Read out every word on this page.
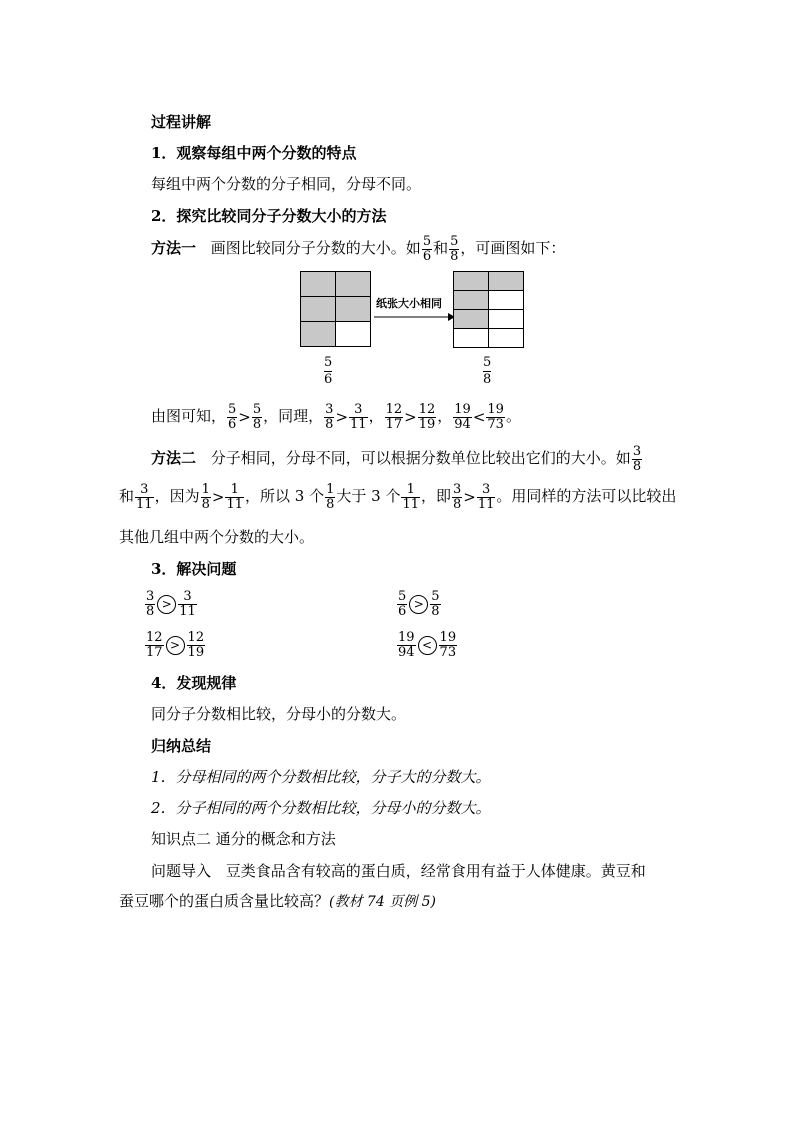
过程讲解
1．观察每组中两个分数的特点
每组中两个分数的分子相同，分母不同。
2．探究比较同分子分数大小的方法
方法一 画图比较同分子分数的大小。如 $\frac{5}{6}$ 和 $\frac{5}{8}$ ，可画图如下：

纸张大小相同

$\frac{5}{6}$	$\frac{5}{8}$
由图可知， $\frac{5}{6} > \frac{5}{8}$ ，同理， $\frac{3}{8} > \frac{3}{11}$ ， $\frac{12}{17} > \frac{12}{19}$ ， $\frac{19}{94} < \frac{19}{73}$ 。
方法二 分子相同，分母不同，可以根据分数单位比较出它们的大小。如 $\frac{3}{8}$
和 $\frac{3}{11}$ ，因为 $\frac{1}{8} > \frac{1}{11}$ ，所以 3 个 $\frac{1}{8}$ 大于 3 个 $\frac{1}{11}$ ，即 $\frac{3}{8} > \frac{3}{11}$ 。用同样的方法可以比较出
其他几组中两个分数的大小。
3．解决问题
$\frac{3}{8} > \frac{3}{11}$	$\frac{5}{6} > \frac{5}{8}$
$\frac{12}{17} > \frac{12}{19}$	$\frac{19}{94} < \frac{19}{73}$
4．发现规律
同分子分数相比较，分母小的分数大。
归纳总结
1．分母相同的两个分数相比较，分子大的分数大。
2．分子相同的两个分数相比较，分母小的分数大。
知识点二 通分的概念和方法
问题导入 豆类食品含有较高的蛋白质，经常食用有益于人体健康。黄豆和
蚕豆哪个的蛋白质含量比较高？(教材 74 页例 5)
